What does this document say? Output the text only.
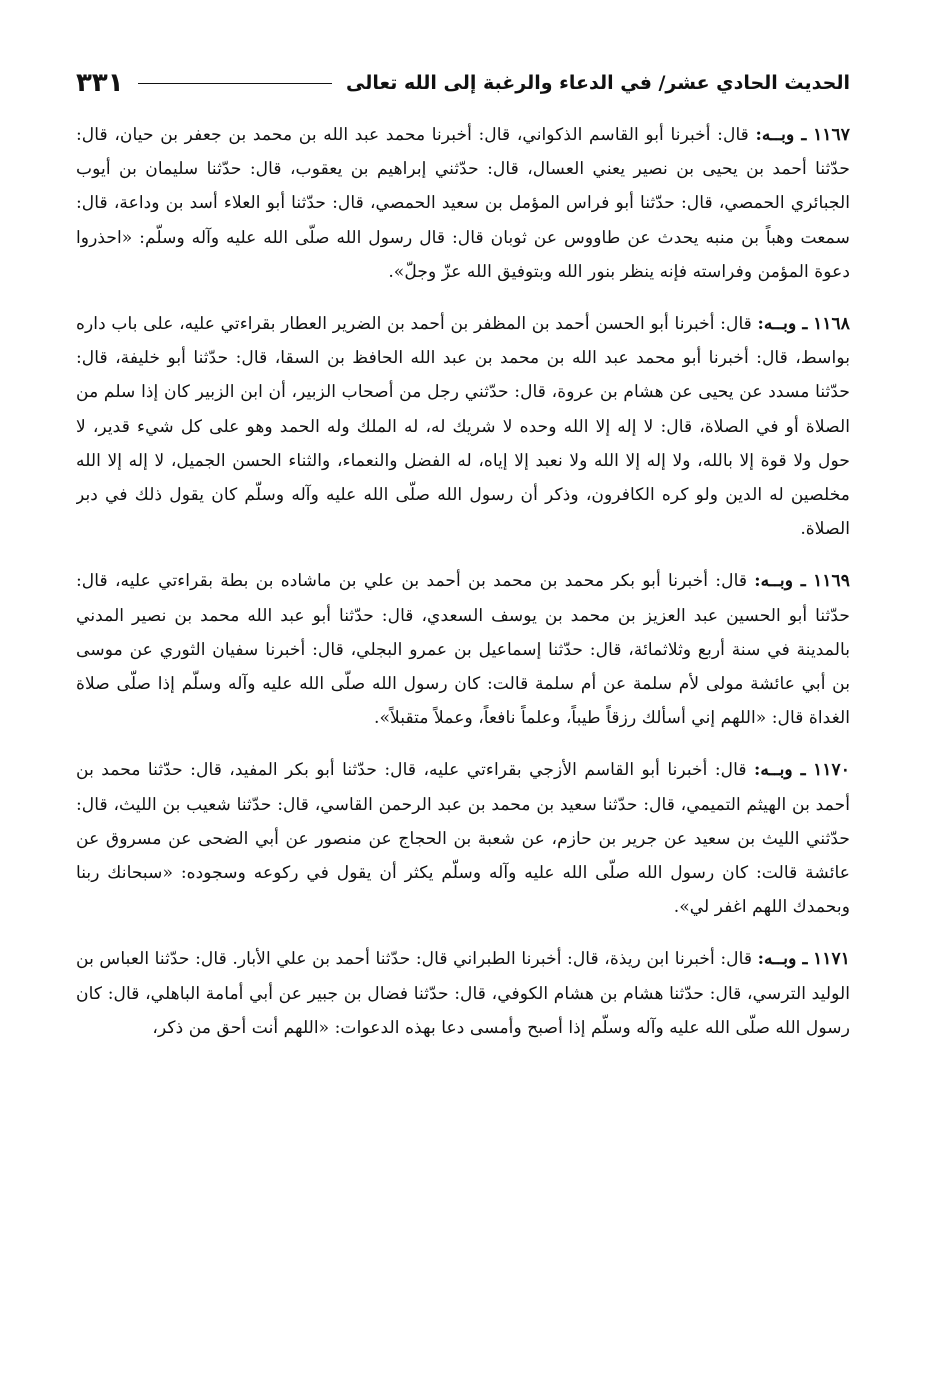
الحديث الحادي عشر/ في الدعاء والرغبة إلى الله تعالى
٣٣١

١١٦٧ ـ وبــه: قال: أخبرنا أبو القاسم الذكواني، قال: أخبرنا محمد عبد الله بن محمد بن جعفر بن حيان، قال: حدّثنا أحمد بن يحيى بن نصير يعني العسال، قال: حدّثني إبراهيم بن يعقوب، قال: حدّثنا سليمان بن أيوب الجبائري الحمصي، قال: حدّثنا أبو فراس المؤمل بن سعيد الحمصي، قال: حدّثنا أبو العلاء أسد بن وداعة، قال: سمعت وهباً بن منبه يحدث عن طاووس عن ثوبان قال: قال رسول الله صلّى الله عليه وآله وسلّم: «احذروا دعوة المؤمن وفراسته فإنه ينظر بنور الله وبتوفيق الله عزّ وجلّ».

١١٦٨ ـ وبــه: قال: أخبرنا أبو الحسن أحمد بن المظفر بن أحمد بن الضرير العطار بقراءتي عليه، على باب داره بواسط، قال: أخبرنا أبو محمد عبد الله بن محمد بن عبد الله الحافظ بن السقا، قال: حدّثنا أبو خليفة، قال: حدّثنا مسدد عن يحيى عن هشام بن عروة، قال: حدّثني رجل من أصحاب الزبير، أن ابن الزبير كان إذا سلم من الصلاة أو في الصلاة، قال: لا إله إلا الله وحده لا شريك له، له الملك وله الحمد وهو على كل شيء قدير، لا حول ولا قوة إلا بالله، ولا إله إلا الله ولا نعبد إلا إياه، له الفضل والنعماء، والثناء الحسن الجميل، لا إله إلا الله مخلصين له الدين ولو كره الكافرون، وذكر أن رسول الله صلّى الله عليه وآله وسلّم كان يقول ذلك في دبر الصلاة.

١١٦٩ ـ وبــه: قال: أخبرنا أبو بكر محمد بن محمد بن أحمد بن علي بن ماشاده بن بطة بقراءتي عليه، قال: حدّثنا أبو الحسين عبد العزيز بن محمد بن يوسف السعدي، قال: حدّثنا أبو عبد الله محمد بن نصير المدني بالمدينة في سنة أربع وثلاثمائة، قال: حدّثنا إسماعيل بن عمرو البجلي، قال: أخبرنا سفيان الثوري عن موسى بن أبي عائشة مولى لأم سلمة عن أم سلمة قالت: كان رسول الله صلّى الله عليه وآله وسلّم إذا صلّى صلاة الغداة قال: «اللهم إني أسألك رزقاً طيباً، وعلماً نافعاً، وعملاً متقبلاً».

١١٧٠ ـ وبــه: قال: أخبرنا أبو القاسم الأزجي بقراءتي عليه، قال: حدّثنا أبو بكر المفيد، قال: حدّثنا محمد بن أحمد بن الهيثم التميمي، قال: حدّثنا سعيد بن محمد بن عبد الرحمن القاسي، قال: حدّثنا شعيب بن الليث، قال: حدّثني الليث بن سعيد عن جرير بن حازم، عن شعبة بن الحجاج عن منصور عن أبي الضحى عن مسروق عن عائشة قالت: كان رسول الله صلّى الله عليه وآله وسلّم يكثر أن يقول في ركوعه وسجوده: «سبحانك ربنا وبحمدك اللهم اغفر لي».

١١٧١ ـ وبــه: قال: أخبرنا ابن ريذة، قال: أخبرنا الطبراني قال: حدّثنا أحمد بن علي الأبار. قال: حدّثنا العباس بن الوليد الترسي، قال: حدّثنا هشام بن هشام الكوفي، قال: حدّثنا فضال بن جبير عن أبي أمامة الباهلي، قال: كان رسول الله صلّى الله عليه وآله وسلّم إذا أصبح وأمسى دعا بهذه الدعوات: «اللهم أنت أحق من ذكر،
